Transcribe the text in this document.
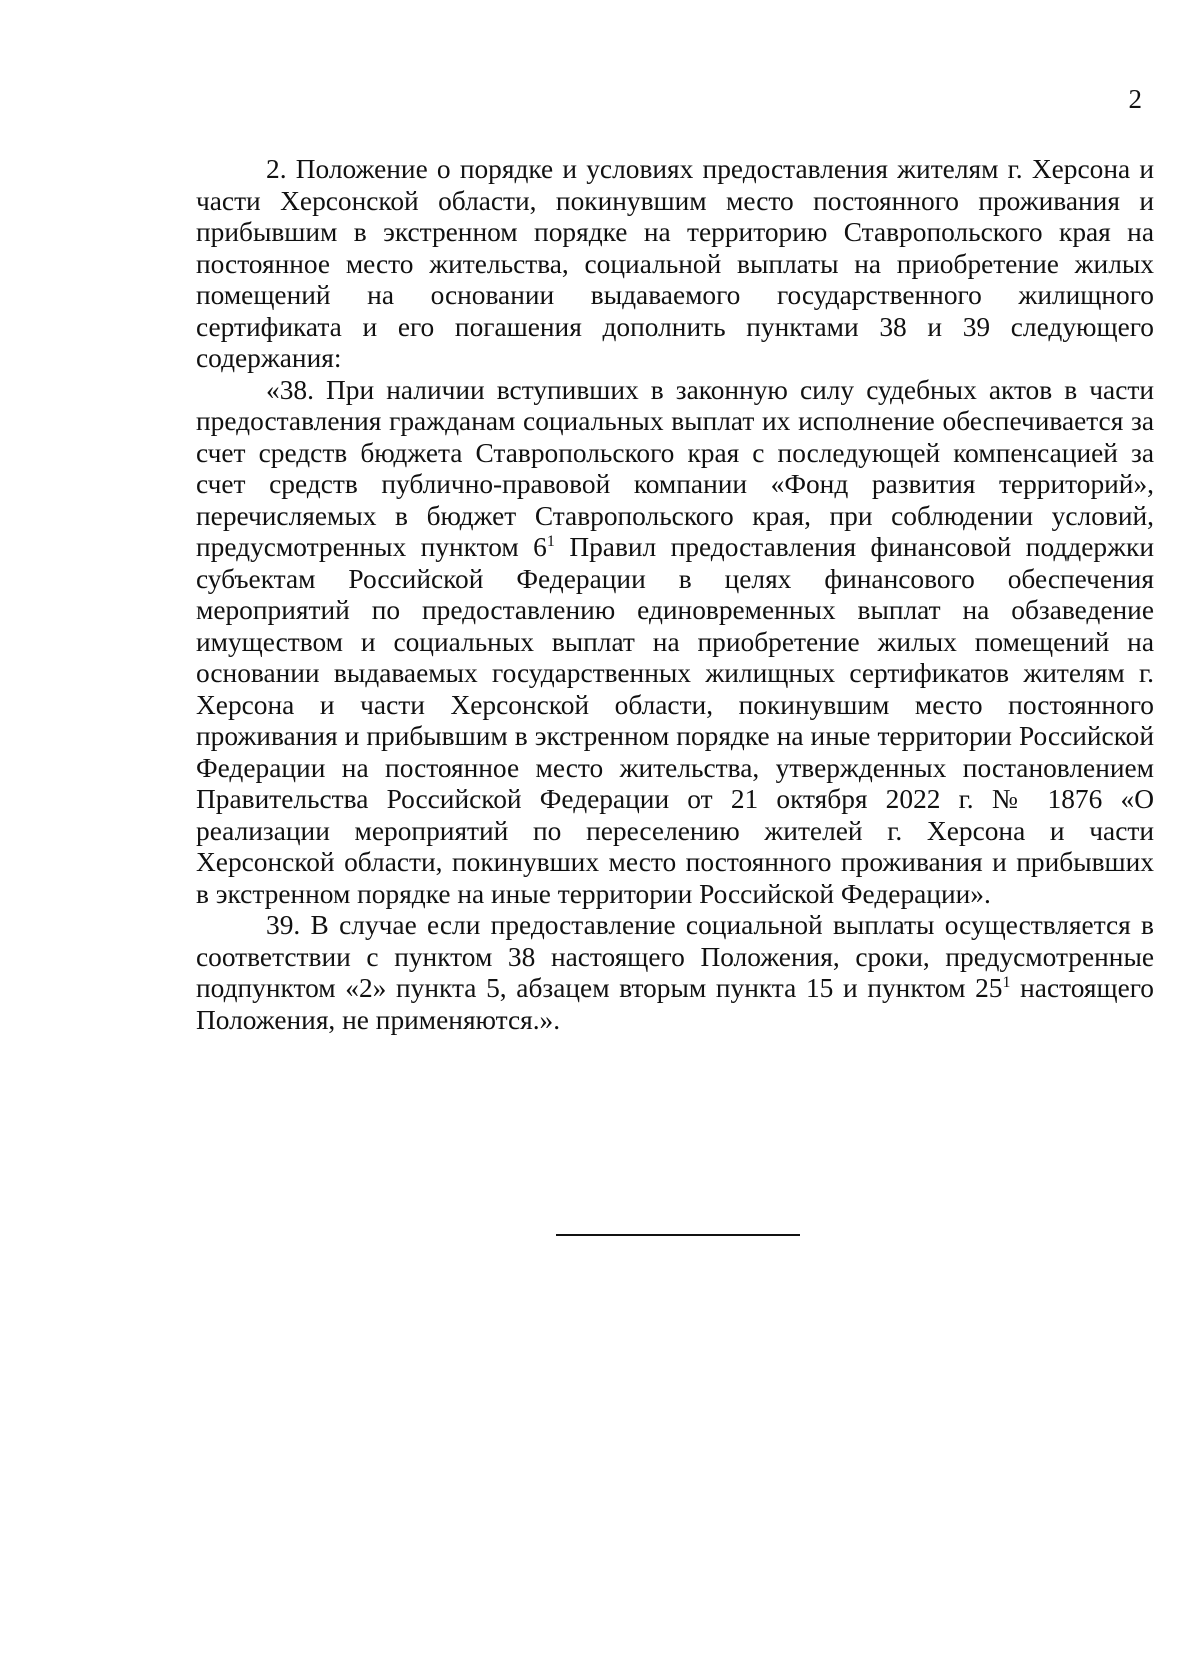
2

2. Положение о порядке и условиях предоставления жителям г. Херсона и части Херсонской области, покинувшим место постоянного проживания и прибывшим в экстренном порядке на территорию Ставропольского края на постоянное место жительства, социальной выплаты на приобретение жилых помещений на основании выдаваемого государственного жилищного сертификата и его погашения дополнить пунктами 38 и 39 следующего содержания:

«38. При наличии вступивших в законную силу судебных актов в части предоставления гражданам социальных выплат их исполнение обеспечивается за счет средств бюджета Ставропольского края с последующей компенсацией за счет средств публично-правовой компании «Фонд развития территорий», перечисляемых в бюджет Ставропольского края, при соблюдении условий, предусмотренных пунктом $6^1$ Правил предоставления финансовой поддержки субъектам Российской Федерации в целях финансового обеспечения мероприятий по предоставлению единовременных выплат на обзаведение имуществом и социальных выплат на приобретение жилых помещений на основании выдаваемых государственных жилищных сертификатов жителям г. Херсона и части Херсонской области, покинувшим место постоянного проживания и прибывшим в экстренном порядке на иные территории Российской Федерации на постоянное место жительства, утвержденных постановлением Правительства Российской Федерации от 21 октября 2022 г. № 1876 «О реализации мероприятий по переселению жителей г. Херсона и части Херсонской области, покинувших место постоянного проживания и прибывших в экстренном порядке на иные территории Российской Федерации».

39. В случае если предоставление социальной выплаты осуществляется в соответствии с пунктом 38 настоящего Положения, сроки, предусмотренные подпунктом «2» пункта 5, абзацем вторым пункта 15 и пунктом $25^1$ настоящего Положения, не применяются.».
